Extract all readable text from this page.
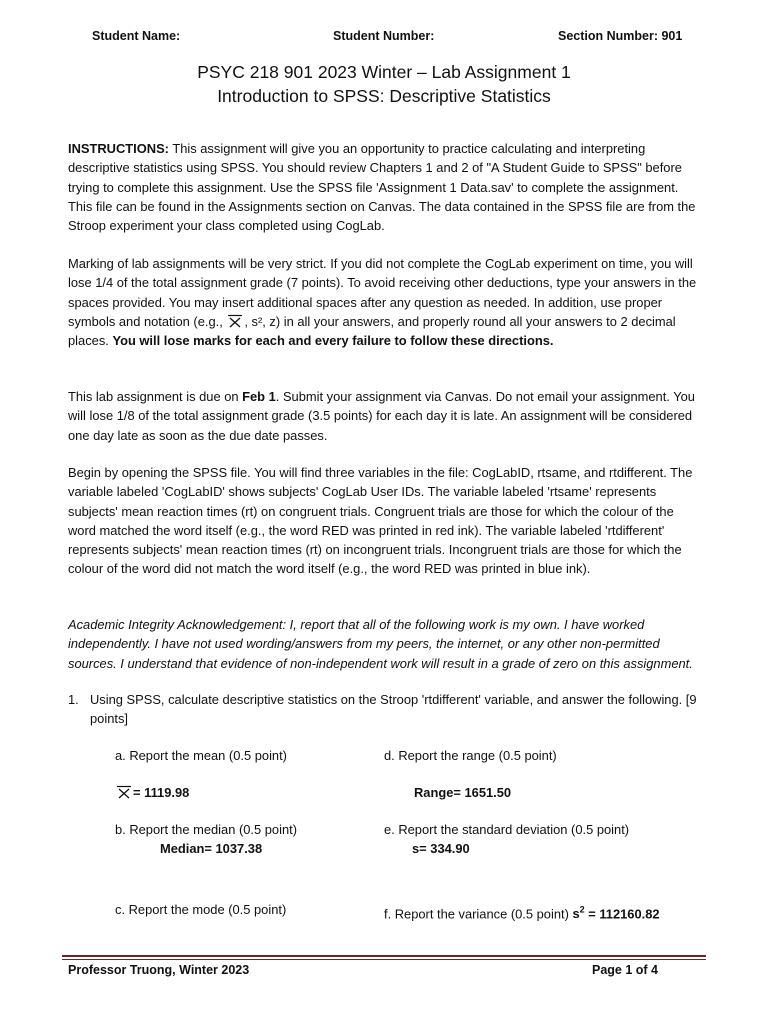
Student Name:	Student Number:	Section Number: 901
PSYC 218 901 2023 Winter – Lab Assignment 1
Introduction to SPSS: Descriptive Statistics

INSTRUCTIONS: This assignment will give you an opportunity to practice calculating and interpreting descriptive statistics using SPSS. You should review Chapters 1 and 2 of "A Student Guide to SPSS" before trying to complete this assignment. Use the SPSS file 'Assignment 1 Data.sav' to complete the assignment. This file can be found in the Assignments section on Canvas. The data contained in the SPSS file are from the Stroop experiment your class completed using CogLab.

Marking of lab assignments will be very strict. If you did not complete the CogLab experiment on time, you will lose 1/4 of the total assignment grade (7 points). To avoid receiving other deductions, type your answers in the spaces provided. You may insert additional spaces after any question as needed. In addition, use proper symbols and notation (e.g.,
, s², z) in all your answers, and properly round all your answers to 2 decimal places. You will lose marks for each and every failure to follow these directions.

This lab assignment is due on Feb 1. Submit your assignment via Canvas. Do not email your assignment. You will lose 1/8 of the total assignment grade (3.5 points) for each day it is late. An assignment will be considered one day late as soon as the due date passes.

Begin by opening the SPSS file. You will find three variables in the file: CogLabID, rtsame, and rtdifferent. The variable labeled 'CogLabID' shows subjects' CogLab User IDs. The variable labeled 'rtsame' represents subjects' mean reaction times (rt) on congruent trials. Congruent trials are those for which the colour of the word matched the word itself (e.g., the word RED was printed in red ink). The variable labeled 'rtdifferent' represents subjects' mean reaction times (rt) on incongruent trials. Incongruent trials are those for which the colour of the word did not match the word itself (e.g., the word RED was printed in blue ink).

Academic Integrity Acknowledgement: I, report that all of the following work is my own. I have worked independently. I have not used wording/answers from my peers, the internet, or any other non-permitted sources. I understand that evidence of non-independent work will result in a grade of zero on this assignment.

1. Using SPSS, calculate descriptive statistics on the Stroop 'rtdifferent' variable, and answer the following. [9 points]
a. Report the mean (0.5 point)
= 1119.98
b. Report the median (0.5 point)
Median= 1037.38
c. Report the mode (0.5 point)
d. Report the range (0.5 point)
Range= 1651.50
e. Report the standard deviation (0.5 point)
s= 334.90
f. Report the variance (0.5 point) $s^2 = 112160.82$
Professor Truong, Winter 2023	Page 1 of 4
